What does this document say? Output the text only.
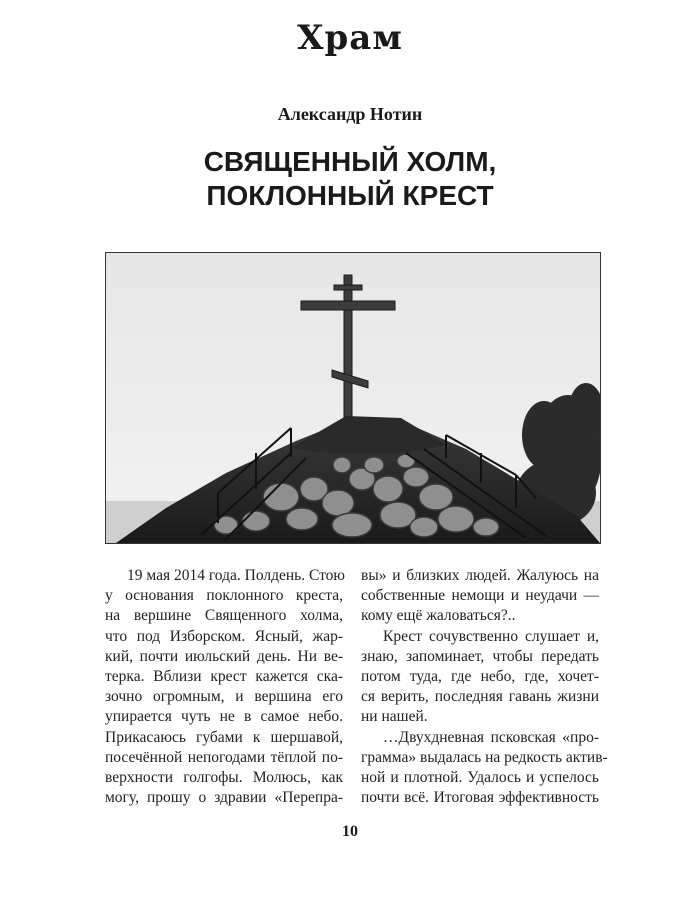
Храм
Александр Нотин
СВЯЩЕННЫЙ ХОЛМ,
ПОКЛОННЫЙ КРЕСТ
19 мая 2014 года. Полдень. Стою
у основания поклонного креста,
на вершине Священного холма,
что под Изборском. Ясный, жар-
кий, почти июльский день. Ни ве-
терка. Вблизи крест кажется ска-
зочно огромным, и вершина его
упирается чуть не в самое небо.
Прикасаюсь губами к шершавой,
посечённой непогодами тёплой по-
верхности голгофы. Молюсь, как
могу, прошу о здравии «Перепра-
вы» и близких людей. Жалуюсь на
собственные немощи и неудачи —
кому ещё жаловаться?..
Крест сочувственно слушает и,
знаю, запоминает, чтобы передать
потом туда, где небо, где, хочет-
ся верить, последняя гавань жизни
ни нашей.
…Двухдневная псковская «про-
грамма» выдалась на редкость актив-
ной и плотной. Удалось и успелось
почти всё. Итоговая эффективность
10
